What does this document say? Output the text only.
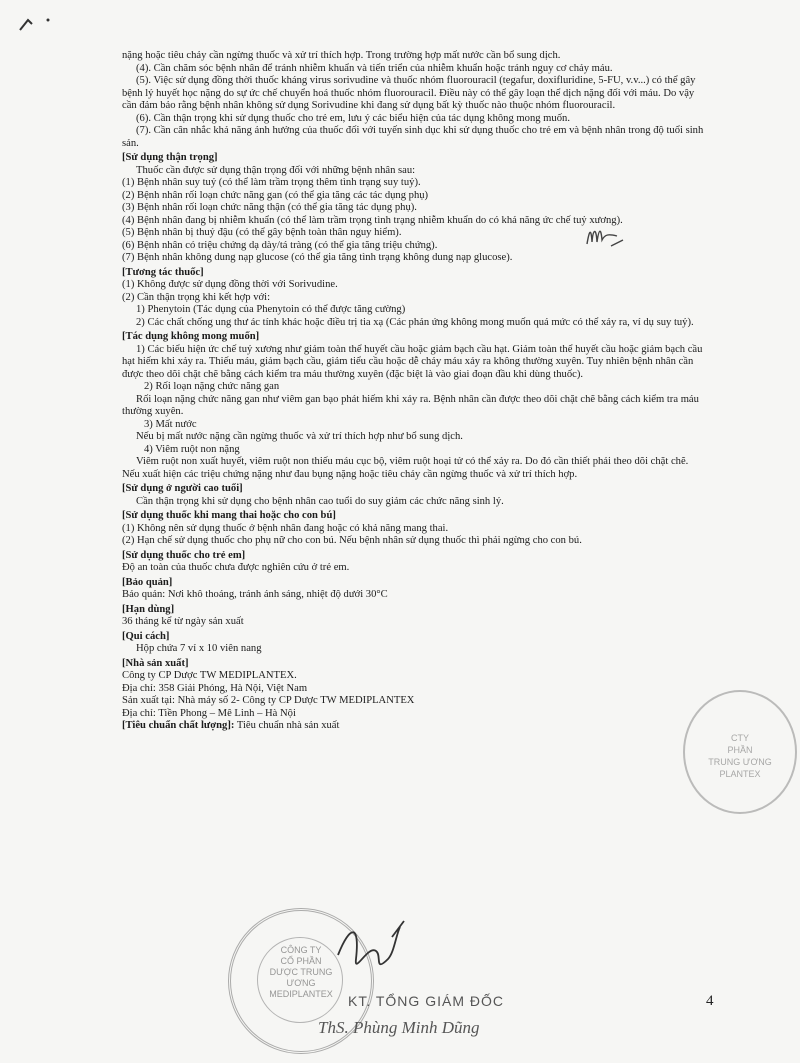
nặng hoặc tiêu chảy cần ngừng thuốc và xử trí thích hợp. Trong trường hợp mất nước cần bổ sung dịch.

(4). Cần chăm sóc bệnh nhân để tránh nhiễm khuẩn và tiến triển của nhiễm khuẩn hoặc tránh nguy cơ chảy máu.

(5). Việc sử dụng đồng thời thuốc kháng virus sorivudine và thuốc nhóm fluorouracil (tegafur, doxifluridine, 5-FU, v.v...) có thể gây bệnh lý huyết học nặng do sự ức chế chuyển hoá thuốc nhóm fluorouracil. Điều này có thể gây loạn thể dịch nặng đối với máu. Do vậy cần đảm bảo rằng bệnh nhân không sử dụng Sorivudine khi đang sử dụng bất kỳ thuốc nào thuộc nhóm fluorouracil.

(6). Cần thận trọng khi sử dụng thuốc cho trẻ em, lưu ý các biểu hiện của tác dụng không mong muốn.

(7). Cần cân nhắc khả năng ảnh hưởng của thuốc đối với tuyến sinh dục khi sử dụng thuốc cho trẻ em và bệnh nhân trong độ tuổi sinh sản.

[Sử dụng thận trọng]

Thuốc cần được sử dụng thận trọng đối với những bệnh nhân sau:

(1) Bệnh nhân suy tuỷ (có thể làm trầm trọng thêm tình trạng suy tuỷ).

(2) Bệnh nhân rối loạn chức năng gan (có thể gia tăng các tác dụng phụ)

(3) Bệnh nhân rối loạn chức năng thận (có thể gia tăng tác dụng phụ).

(4) Bệnh nhân đang bị nhiễm khuẩn (có thể làm trầm trọng tình trạng nhiễm khuẩn do có khả năng ức chế tuỷ xương).

(5) Bệnh nhân bị thuỷ đậu (có thể gây bệnh toàn thân nguy hiểm).

(6) Bệnh nhân có triệu chứng dạ dày/tá tràng (có thể gia tăng triệu chứng).

(7) Bệnh nhân không dung nạp glucose (có thể gia tăng tình trạng không dung nạp glucose).

[Tương tác thuốc]

(1) Không được sử dụng đồng thời với Sorivudine.

(2) Cần thận trọng khi kết hợp với:

1) Phenytoin (Tác dụng của Phenytoin có thể được tăng cường)

2) Các chất chống ung thư ác tính khác hoặc điều trị tia xạ (Các phản ứng không mong muốn quá mức có thể xảy ra, ví dụ suy tuỷ).

[Tác dụng không mong muốn]

1) Các biểu hiện ức chế tuỷ xương như giảm toàn thể huyết cầu hoặc giảm bạch cầu hạt. Giảm toàn thể huyết cầu hoặc giảm bạch cầu hạt hiếm khi xảy ra. Thiếu máu, giảm bạch cầu, giảm tiểu cầu hoặc dễ chảy máu xảy ra không thường xuyên. Tuy nhiên bệnh nhân cần được theo dõi chặt chẽ bằng cách kiểm tra máu thường xuyên (đặc biệt là vào giai đoạn đầu khi dùng thuốc).

2) Rối loạn nặng chức năng gan

Rối loạn nặng chức năng gan như viêm gan bạo phát hiếm khi xảy ra. Bệnh nhân cần được theo dõi chặt chẽ bằng cách kiểm tra máu thường xuyên.

3) Mất nước

Nếu bị mất nước nặng cần ngừng thuốc và xử trí thích hợp như bổ sung dịch.

4) Viêm ruột non nặng

Viêm ruột non xuất huyết, viêm ruột non thiếu máu cục bộ, viêm ruột hoại tử có thể xảy ra. Do đó cần thiết phải theo dõi chặt chẽ. Nếu xuất hiện các triệu chứng nặng như đau bụng nặng hoặc tiêu chảy cần ngừng thuốc và xử trí thích hợp.

[Sử dụng ở người cao tuổi]

Cần thận trọng khi sử dụng cho bệnh nhân cao tuổi do suy giảm các chức năng sinh lý.

[Sử dụng thuốc khi mang thai hoặc cho con bú]

(1) Không nên sử dụng thuốc ở bệnh nhân đang hoặc có khả năng mang thai.

(2) Hạn chế sử dụng thuốc cho phụ nữ cho con bú. Nếu bệnh nhân sử dụng thuốc thì phải ngừng cho con bú.

[Sử dụng thuốc cho trẻ em]

Độ an toàn của thuốc chưa được nghiên cứu ở trẻ em.

[Bảo quản]

Bảo quản: Nơi khô thoáng, tránh ánh sáng, nhiệt độ dưới 30°C

[Hạn dùng]

36 tháng kể từ ngày sản xuất

[Qui cách]

Hộp chứa 7 vỉ x 10 viên nang

[Nhà sản xuất]

Công ty CP Dược TW MEDIPLANTEX.

Địa chỉ: 358 Giải Phóng, Hà Nội, Việt Nam

Sản xuất tại: Nhà máy số 2- Công ty CP Dược TW MEDIPLANTEX

Địa chỉ: Tiền Phong – Mê Linh – Hà Nội

[Tiêu chuẩn chất lượng]: Tiêu chuẩn nhà sản xuất

CTY
PHẦN
TRUNG ƯƠNG
PLANTEX
CÔNG TY
CỔ PHẦN
DƯỢC TRUNG ƯƠNG
MEDIPLANTEX	KT. TỔNG GIÁM ĐỐC
ThS. Phùng Minh Dũng
4
